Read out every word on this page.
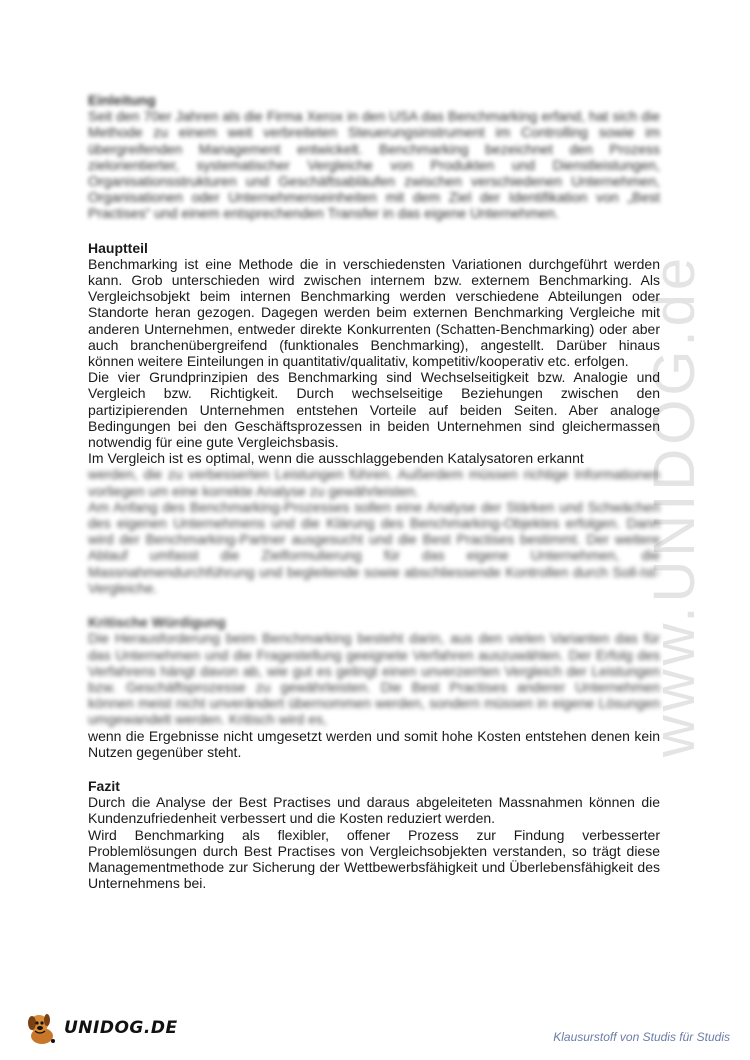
www.UNIDOG.de

Einleitung

Seit den 70er Jahren als die Firma Xerox in den USA das Benchmarking erfand, hat sich die Methode zu einem weit verbreiteten Steuerungsinstrument im Controlling sowie im übergreifenden Management entwickelt. Benchmarking bezeichnet den Prozess zielorientierter, systematischer Vergleiche von Produkten und Dienstleistungen, Organisationsstrukturen und Geschäftsabläufen zwischen verschiedenen Unternehmen, Organisationen oder Unternehmenseinheiten mit dem Ziel der Identifikation von „Best Practises“ und einem entsprechenden Transfer in das eigene Unternehmen.

Hauptteil

Benchmarking ist eine Methode die in verschiedensten Variationen durchgeführt werden kann. Grob unterschieden wird zwischen internem bzw. externem Benchmarking. Als Vergleichsobjekt beim internen Benchmarking werden verschiedene Abteilungen oder Standorte heran gezogen. Dagegen werden beim externen Benchmarking Vergleiche mit anderen Unternehmen, entweder direkte Konkurrenten (Schatten-Benchmarking) oder aber auch branchenübergreifend (funktionales Benchmarking), angestellt. Darüber hinaus können weitere Einteilungen in quantitativ/qualitativ, kompetitiv/kooperativ etc. erfolgen.

Die vier Grundprinzipien des Benchmarking sind Wechselseitigkeit bzw. Analogie und Vergleich bzw. Richtigkeit. Durch wechselseitige Beziehungen zwischen den partizipierenden Unternehmen entstehen Vorteile auf beiden Seiten. Aber analoge Bedingungen bei den Geschäftsprozessen in beiden Unternehmen sind gleichermassen notwendig für eine gute Vergleichsbasis.

Im Vergleich ist es optimal, wenn die ausschlaggebenden Katalysatoren erkannt

werden, die zu verbesserten Leistungen führen. Außerdem müssen richtige Informationen vorliegen um eine korrekte Analyse zu gewährleisten.

Am Anfang des Benchmarking-Prozesses sollen eine Analyse der Stärken und Schwächen des eigenen Unternehmens und die Klärung des Benchmarking-Objektes erfolgen. Dann wird der Benchmarking-Partner ausgesucht und die Best Practises bestimmt. Der weitere Ablauf umfasst die Zielformulierung für das eigene Unternehmen, die Massnahmendurchführung und begleitende sowie abschliessende Kontrollen durch Soll-Ist-Vergleiche.

Kritische Würdigung

Die Herausforderung beim Benchmarking besteht darin, aus den vielen Varianten das für das Unternehmen und die Fragestellung geeignete Verfahren auszuwählen. Der Erfolg des Verfahrens hängt davon ab, wie gut es gelingt einen unverzerrten Vergleich der Leistungen bzw. Geschäftsprozesse zu gewährleisten. Die Best Practises anderer Unternehmen können meist nicht unverändert übernommen werden, sondern müssen in eigene Lösungen umgewandelt werden. Kritisch wird es,

wenn die Ergebnisse nicht umgesetzt werden und somit hohe Kosten entstehen denen kein Nutzen gegenüber steht.

Fazit

Durch die Analyse der Best Practises und daraus abgeleiteten Massnahmen können die Kundenzufriedenheit verbessert und die Kosten reduziert werden.

Wird Benchmarking als flexibler, offener Prozess zur Findung verbesserter Problemlösungen durch Best Practises von Vergleichsobjekten verstanden, so trägt diese Managementmethode zur Sicherung der Wettbewerbsfähigkeit und Überlebensfähigkeit des Unternehmens bei.

UNIDOG.DE	Klausurstoff von Studis für Studis
